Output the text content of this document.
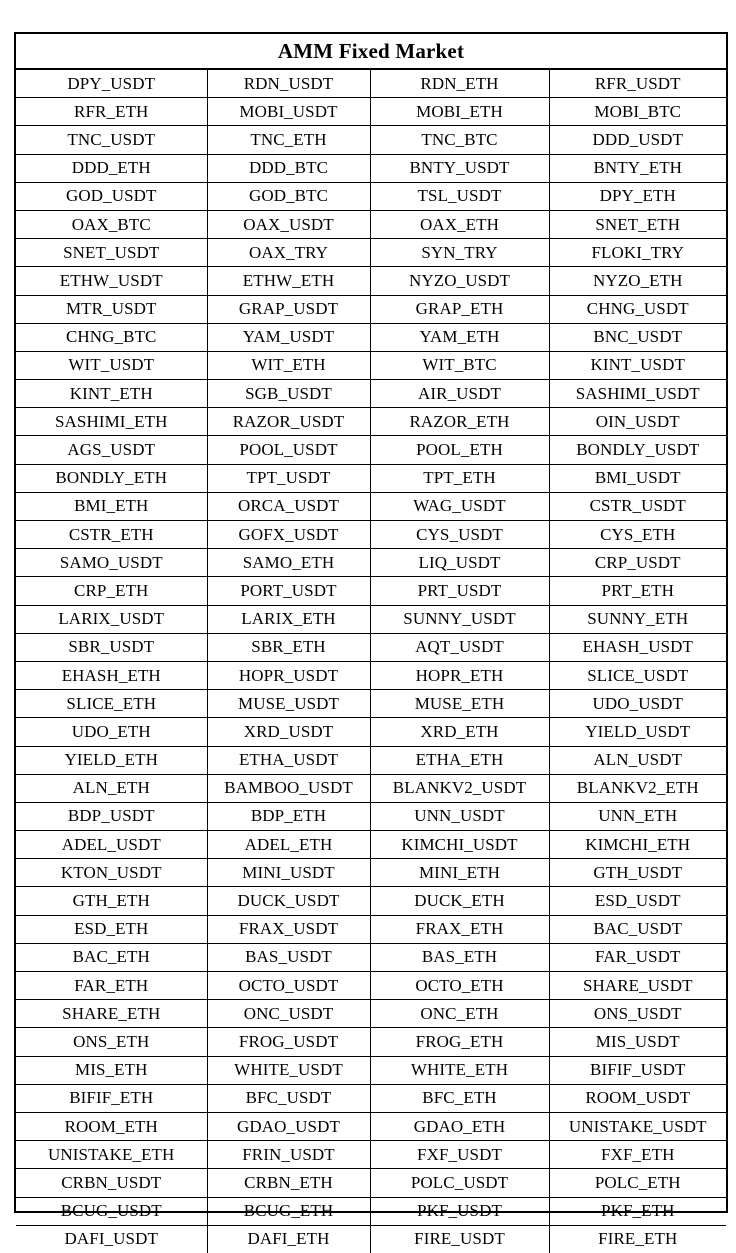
AMM Fixed Market			
DPY_USDT	RDN_USDT	RDN_ETH	RFR_USDT
RFR_ETH	MOBI_USDT	MOBI_ETH	MOBI_BTC
TNC_USDT	TNC_ETH	TNC_BTC	DDD_USDT
DDD_ETH	DDD_BTC	BNTY_USDT	BNTY_ETH
GOD_USDT	GOD_BTC	TSL_USDT	DPY_ETH
OAX_BTC	OAX_USDT	OAX_ETH	SNET_ETH
SNET_USDT	OAX_TRY	SYN_TRY	FLOKI_TRY
ETHW_USDT	ETHW_ETH	NYZO_USDT	NYZO_ETH
MTR_USDT	GRAP_USDT	GRAP_ETH	CHNG_USDT
CHNG_BTC	YAM_USDT	YAM_ETH	BNC_USDT
WIT_USDT	WIT_ETH	WIT_BTC	KINT_USDT
KINT_ETH	SGB_USDT	AIR_USDT	SASHIMI_USDT
SASHIMI_ETH	RAZOR_USDT	RAZOR_ETH	OIN_USDT
AGS_USDT	POOL_USDT	POOL_ETH	BONDLY_USDT
BONDLY_ETH	TPT_USDT	TPT_ETH	BMI_USDT
BMI_ETH	ORCA_USDT	WAG_USDT	CSTR_USDT
CSTR_ETH	GOFX_USDT	CYS_USDT	CYS_ETH
SAMO_USDT	SAMO_ETH	LIQ_USDT	CRP_USDT
CRP_ETH	PORT_USDT	PRT_USDT	PRT_ETH
LARIX_USDT	LARIX_ETH	SUNNY_USDT	SUNNY_ETH
SBR_USDT	SBR_ETH	AQT_USDT	EHASH_USDT
EHASH_ETH	HOPR_USDT	HOPR_ETH	SLICE_USDT
SLICE_ETH	MUSE_USDT	MUSE_ETH	UDO_USDT
UDO_ETH	XRD_USDT	XRD_ETH	YIELD_USDT
YIELD_ETH	ETHA_USDT	ETHA_ETH	ALN_USDT
ALN_ETH	BAMBOO_USDT	BLANKV2_USDT	BLANKV2_ETH
BDP_USDT	BDP_ETH	UNN_USDT	UNN_ETH
ADEL_USDT	ADEL_ETH	KIMCHI_USDT	KIMCHI_ETH
KTON_USDT	MINI_USDT	MINI_ETH	GTH_USDT
GTH_ETH	DUCK_USDT	DUCK_ETH	ESD_USDT
ESD_ETH	FRAX_USDT	FRAX_ETH	BAC_USDT
BAC_ETH	BAS_USDT	BAS_ETH	FAR_USDT
FAR_ETH	OCTO_USDT	OCTO_ETH	SHARE_USDT
SHARE_ETH	ONC_USDT	ONC_ETH	ONS_USDT
ONS_ETH	FROG_USDT	FROG_ETH	MIS_USDT
MIS_ETH	WHITE_USDT	WHITE_ETH	BIFIF_USDT
BIFIF_ETH	BFC_USDT	BFC_ETH	ROOM_USDT
ROOM_ETH	GDAO_USDT	GDAO_ETH	UNISTAKE_USDT
UNISTAKE_ETH	FRIN_USDT	FXF_USDT	FXF_ETH
CRBN_USDT	CRBN_ETH	POLC_USDT	POLC_ETH
BCUG_USDT	BCUG_ETH	PKF_USDT	PKF_ETH
DAFI_USDT	DAFI_ETH	FIRE_USDT	FIRE_ETH
